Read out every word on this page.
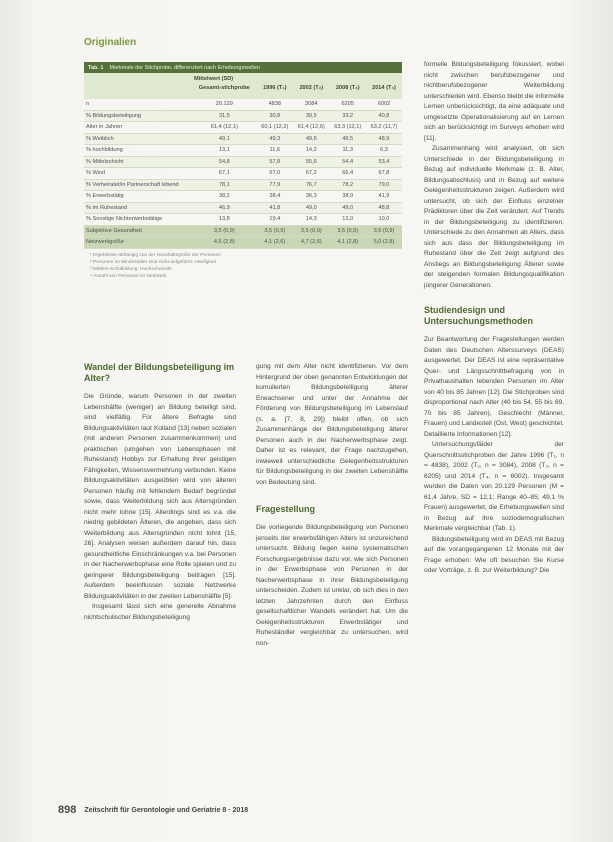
Originalien
Tab. 1 Merkmale der Stichprobe, differenziert nach Erhebungswellen
	Mittelwert (SD)				
	Gesamt-stichprobe	1996 (T₁)	2002 (T₂)	2008 (T₃)	2014 (T₄)
n	20.129	4838	3084	6205	6002
% Bildungsbeteiligung	31,5	30,8	30,5	33,2	40,8
Alter in Jahren	61,4 (12,1)	60,1 (12,2)	61,4 (12,6)	63,3 (12,1)	63,2 (11,7)
% Weiblich	49,1	49,3	49,6	49,5	48,9
% hochbildung	13,1	11,6	14,2	11,3	6,3
% Mittelschicht	54,8	57,8	55,6	54,4	53,4
% West	67,1	67,0	67,2	66,4	67,8
% Verheiratet/in Partnerschaft lebend	78,1	77,9	76,7	78,2	79,0
% Erwerbstätig	38,2	38,4	36,3	38,9	41,9
% im Ruhestand	46,9	41,8	49,0	49,0	48,8
% Sonstige Nichterwerbstätige	13,8	19,4	14,3	13,0	10,0
Subjektive Gesundheit	3,5 (0,9)	3,5 (0,9)	3,5 (0,9)	3,5 (0,9)	3,5 (0,9)
Netzwerkgröße	4,5 (2,8)	4,1 (2,6)	4,7 (2,6)	4,1 (2,8)	5,0 (2,8)
¹ Ergebnisse abhängig von der Haushaltsgröße der Personen
² Personen im Mindestalter sind nicht aufgeführt: Häufigkeit
³ Mittlere Schulbildung: Hochschulreife
⁴ Anzahl von Personen im Netzwerk

formelle Bildungsbeteiligung fokussiert, wobei nicht zwischen berufsbezogener und nichtberufsbezogener Weiterbildung unterschieden wird. Ebenso bleibt die informelle Lernen unberücksichtigt, da eine adäquate und umgesetzte Operationalisierung auf en Lernen sich an berücksichtigt im Surveys erhoben wird [11].

Zusammenhang wird analysiert, ob sich Unterschiede in der Bildungsbeteiligung in Bezug auf individuelle Merkmale (z. B. Alter, Bildungsabschluss) und in Bezug auf weitere Gelegenheitsstrukturen zeigen. Außerdem wird untersucht, ob sich der Einfluss einzelner Prädiktoren über die Zeit verändert. Auf Trends in der Bildungsbeteiligung zu identifizieren. Unterschiede zu den Annahmen ab Alters, dass sich aus dass der Bildungsbeteiligung im Ruhestand über die Zeit zeigt aufgrund des Anstiegs an Bildungsbeteiligung Älterer sowie der steigenden formalen Bildungsqualifikation jüngerer Generationen.

Studiendesign und Untersuchungsmethoden

Zur Beantwortung der Fragestellungen werden Daten des Deutschen Alterssurveys (DEAS) ausgewertet. Der DEAS ist eine repräsentative Quer- und Längsschnittbefragung von in Privathaushalten lebenden Personen im Alter von 40 bis 85 Jahren [12]. Die Stichproben sind disproportional nach Alter (40 bis 54, 55 bis 69, 70 bis 85 Jahren), Geschlecht (Männer, Frauen) und Landesteil (Ost, West) geschichtet. Detaillierte Informationen [12].

Untersuchungsfälder der Querschnittsstichproben der Jahre 1996 (T₁, n = 4838), 2002 (T₂, n = 3084), 2008 (T₃, n = 6205) und 2014 (T₄, n = 6002). Insgesamt wurden die Daten von 20.129 Personen (M = 61,4 Jahre, SD = 12,1; Range 40–85; 49,1 % Frauen) ausgewertet, die Erhebungswellen sind in Bezug auf ihre soziodemografischen Merkmale vergleichbar (Tab. 1).

Bildungsbeteiligung wird im DEAS mit Bezug auf die vorangegangenen 12 Monate mit der Frage erhoben: Wie oft besuchen Sie Kurse oder Vorträge, z. B. zur Weiterbildung? Die

Wandel der Bildungsbeteiligung im Alter?

Die Gründe, warum Personen in der zweiten Lebenshälfte (weniger) an Bildung beteiligt sind, sind vielfältig. Für ältere Befragte sind Bildungsaktivitäten laut Kolland [13] neben sozialen (mit anderen Personen zusammenkommen) und praktischen (umgehen von Lebensphasen mit Ruhestand) Hobbys zur Erhaltung ihrer geistigen Fähigkeiten, Wissensvermehrung verbunden. Keine Bildungsaktivitäten ausgeübten wird von älteren Personen häufig mit fehlendem Bedarf begründet sowie, dass Weiterbildung sich aus Altersgründen nicht mehr lohne [15]. Allerdings sind es v.a. die niedrig gebildeten Älteren, die angeben, dass sich Weiterbildung aus Altersgründen nicht lohnt [15, 26]. Analysen weisen außerdem darauf hin, dass gesundheitliche Einschränkungen v.a. bei Personen in der Nacherwerbsphase eine Rolle spielen und zu geringerer Bildungsbeteiligung beitragen [15]. Außerdem beeinflussen soziale Netzwerke Bildungsaktivitäten in der zweiten Lebenshälfte [5].

Insgesamt lässt sich eine generelle Abnahme nichtschulischer Bildungsbeteiligung

gung mit dem Alter nicht identifizieren. Vor dem Hintergrund der oben genannten Entwicklungen der kumulierten Bildungsbeteiligung älterer Erwachsener und unter der Annahme der Förderung von Bildungsbeteiligung im Lebenslauf (s. a. [7, 8, 29]) bleibt offen, ob sich Zusammenhänge der Bildungsbeteiligung älterer Personen auch in der Nacherwerbsphase zeigt. Daher ist es relevant, der Frage nachzugehen, inwieweit unterschiedliche Gelegenheitsstrukturen für Bildungsbeteiligung in der zweiten Lebenshälfte von Bedeutung sind.

Fragestellung

Die vorliegende Bildungsbeteiligung von Personen jenseits der erwerbsfähigen Alters ist unzureichend untersucht. Bildung liegen keine systematischen Forschungsergebnisse dazu vor, wie sich Personen in der Erwerbsphase von Personen in der Nacherwerbsphase in ihrer Bildungsbeteiligung unterscheiden. Zudem ist unklar, ob sich dies in den letzten Jahrzehnten durch den Einfluss gesellschaftlicher Wandels verändert hat. Um die Gelegenheitsstrukturen Erwerbstätiger und Ruheständler vergleichbar zu untersuchen, wird non-

898 Zeitschrift für Gerontologie und Geriatrie 8 · 2018
